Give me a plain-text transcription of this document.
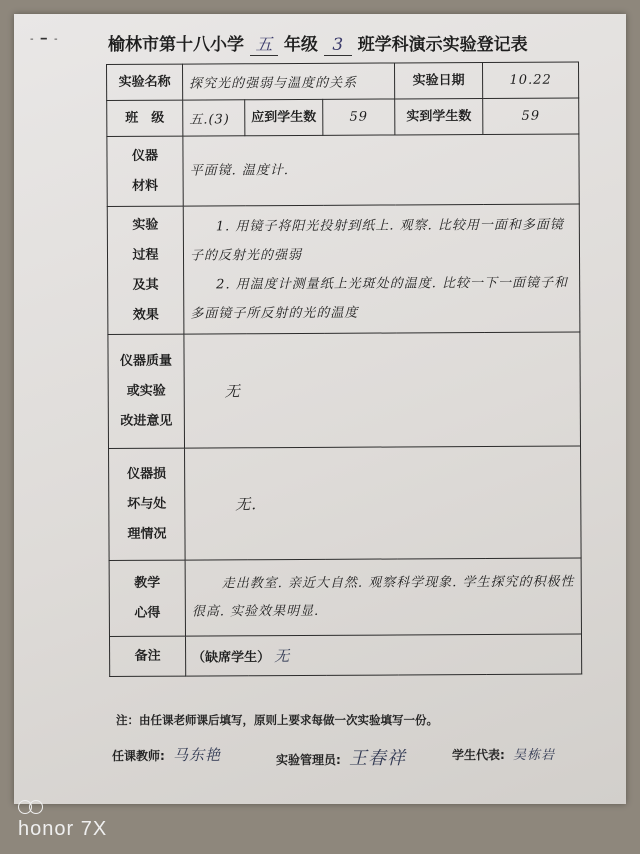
- ━ -	榆林市第十八小学 五 年级 3 班学科演示实验登记表
实验名称	探究光的强弱与温度的关系			实验日期	10.22
班　级	五.(3)	应到学生数	59	实到学生数	59

仪器
材料	平面镜. 温度计.				

实验
过程
及其
效果	1. 用镜子将阳光投射到纸上. 观察. 比较用一面和多面镜子的反射光的强弱
2. 用温度计测量纸上光斑处的温度. 比较一下一面镜子和多面镜子所反射的光的温度				

仪器质量
或实验
改进意见	无				

仪器损
坏与处
理情况	无.				

教学
心得	走出教室. 亲近大自然. 观察科学现象. 学生探究的积极性很高. 实验效果明显.				
备注	（缺席学生） 无				
注：由任课老师课后填写，原则上要求每做一次实验填写一份。
任课教师: 马东艳	实验管理员: 王春祥	学生代表: 吴栋岩
honor 7X
